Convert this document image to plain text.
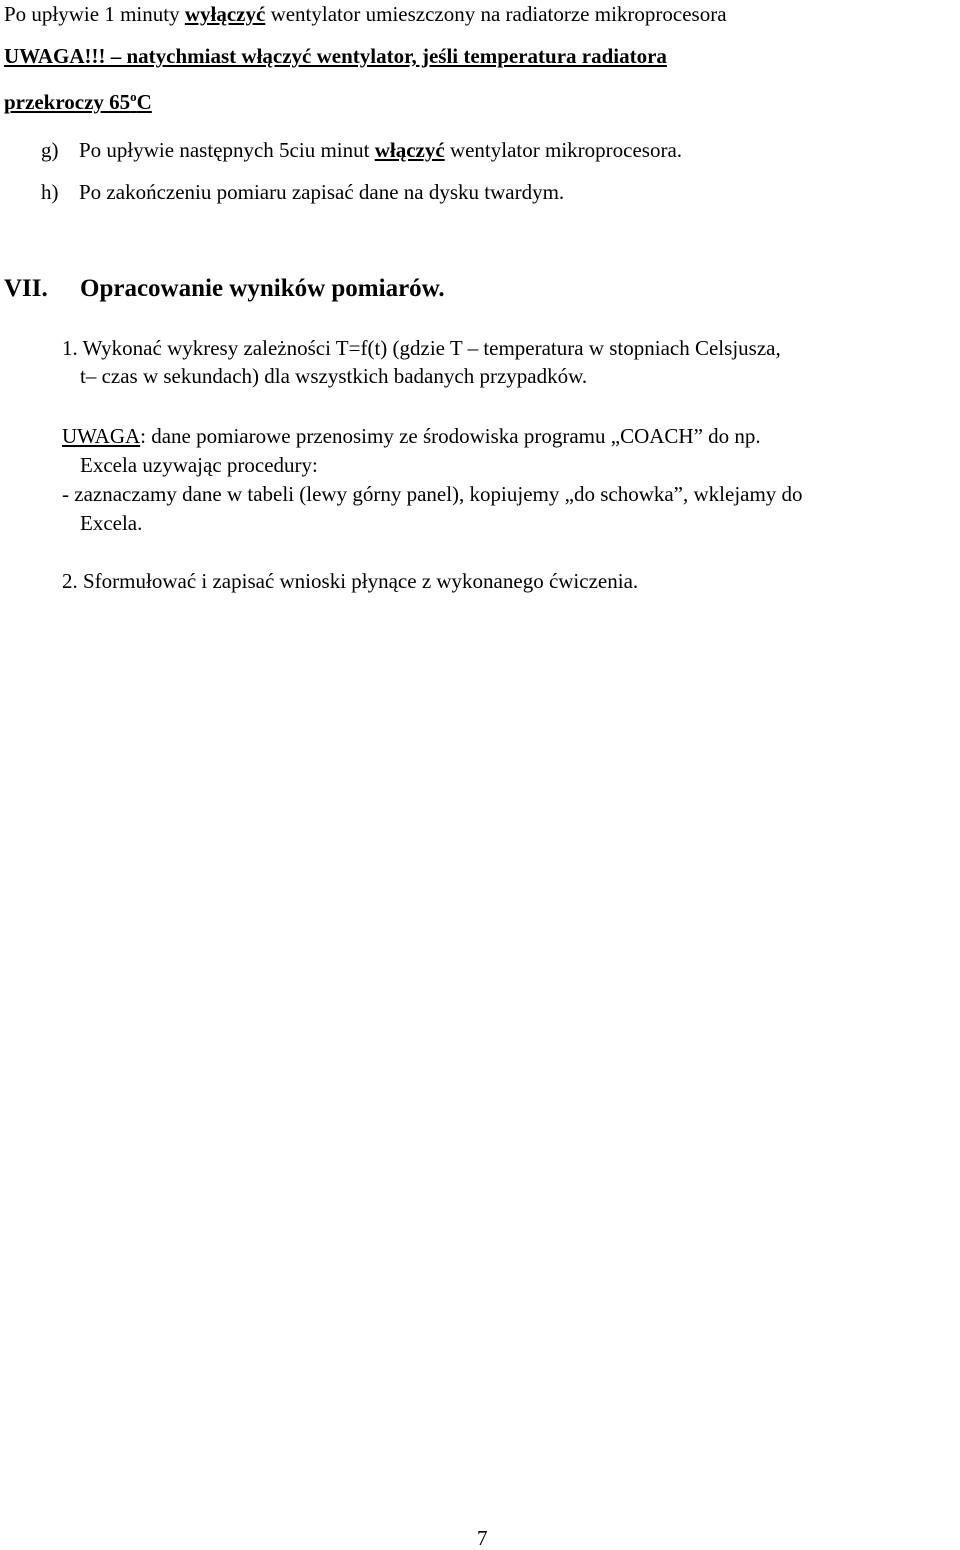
Po upływie 1 minuty wyłączyć wentylator umieszczony na radiatorze mikroprocesora
UWAGA!!! – natychmiast włączyć wentylator, jeśli temperatura radiatora
przekroczy 65$^o$C
g) Po upływie następnych 5ciu minut włączyć wentylator mikroprocesora.
h) Po zakończeniu pomiaru zapisać dane na dysku twardym.
VII. Opracowanie wyników pomiarów.
1. Wykonać wykresy zależności T=f(t) (gdzie T – temperatura w stopniach Celsjusza,
t– czas w sekundach) dla wszystkich badanych przypadków.
UWAGA: dane pomiarowe przenosimy ze środowiska programu „COACH” do np.
Excela uzywając procedury:
- zaznaczamy dane w tabeli (lewy górny panel), kopiujemy „do schowka”, wklejamy do
Excela.
2. Sformułować i zapisać wnioski płynące z wykonanego ćwiczenia.
7
